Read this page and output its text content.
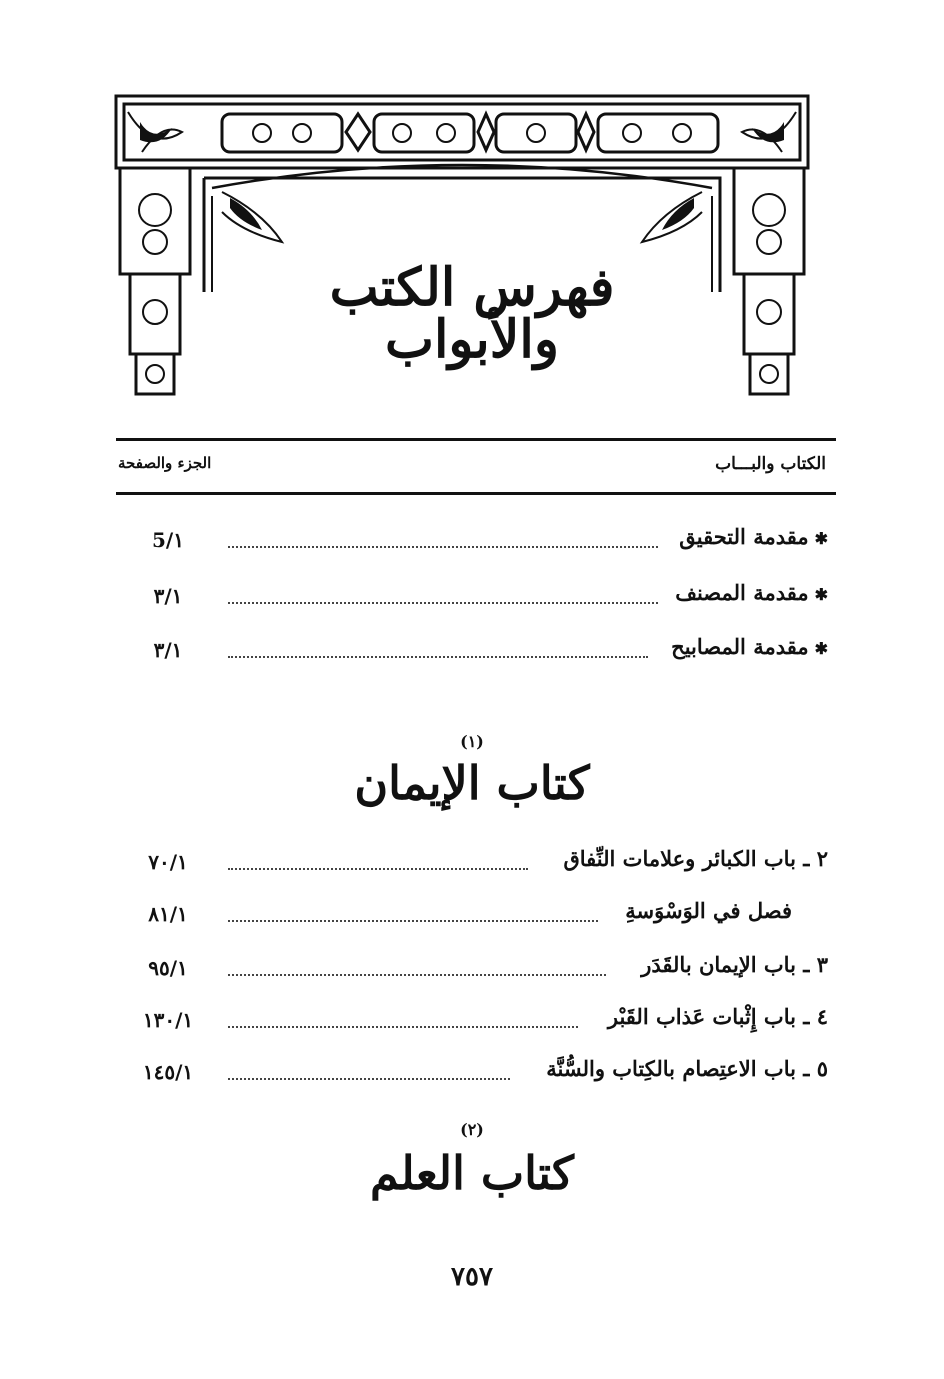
فهرس الكتب والأبواب
الكتاب والبـــاب
الجزء والصفحة
✱مقدمة التحقيق
5/١
✱مقدمة المصنف
٣/١
✱مقدمة المصابيح
٣/١
(١)
كتاب الإيمان
٢ ـ باب الكبائر وعلامات النِّفاق
٧٠/١
فصل في الوَسْوَسةِ
٨١/١
٣ ـ باب الإيمان بالقَدَر
٩٥/١
٤ ـ باب إِثْبات عَذاب القَبْر
١٣٠/١
٥ ـ باب الاعتِصام بالكِتاب والسُّنَّة
١٤٥/١
(٢)
كتاب العلم
٧٥٧
